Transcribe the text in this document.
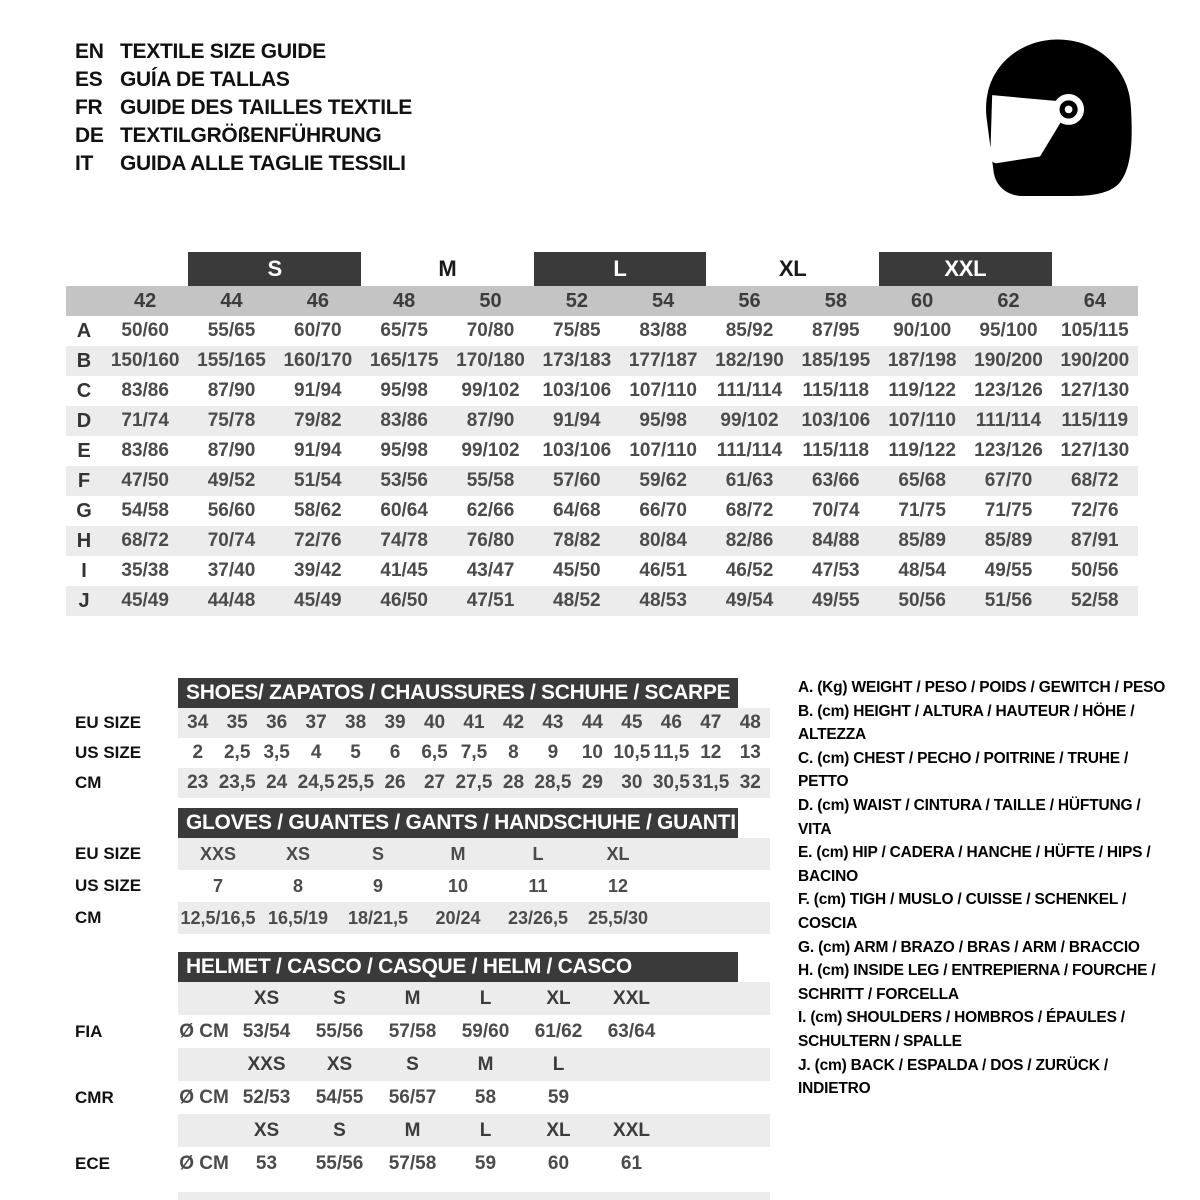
EN TEXTILE SIZE GUIDE
ES GUÍA DE TALLAS
FR GUIDE DES TAILLES TEXTILE
DE TEXTILGRÖßENFÜHRUNG
IT	GUIDA ALLE TAGLIE TESSILI
S	M	L	XL	XXL
42	44	46	48	50	52	54	56	58	60	62	64
A	50/60	55/65	60/70	65/75	70/80	75/85	83/88	85/92	87/95	90/100	95/100	105/115
B	150/160 155/165 160/170 165/175 170/180 173/183 177/187 182/190 185/195 187/198 190/200 190/200
C	83/86	87/90	91/94	95/98	99/102	103/106 107/110	111/114	115/118	119/122 123/126 127/130
D	71/74	75/78	79/82	83/86	87/90	91/94	95/98	99/102	103/106 107/110	111/114	115/119
E	83/86	87/90	91/94	95/98	99/102	103/106 107/110	111/114	115/118	119/122 123/126 127/130
F	47/50	49/52	51/54	53/56	55/58	57/60	59/62	61/63	63/66	65/68	67/70	68/72
G	54/58	56/60	58/62	60/64	62/66	64/68	66/70	68/72	70/74	71/75	71/75	72/76
H	68/72	70/74	72/76	74/78	76/80	78/82	80/84	82/86	84/88	85/89	85/89	87/91
I	35/38	37/40	39/42	41/45	43/47	45/50	46/51	46/52	47/53	48/54	49/55	50/56
J	45/49	44/48	45/49	46/50	47/51	48/52	48/53	49/54	49/55	50/56	51/56	52/58
SHOES/ ZAPATOS / CHAUSSURES / SCHUHE / SCARPE
EU SIZE	34 35 36 37 38 39 40 41 42 43 44 45 46 47 48
US SIZE	2	2,5 3,5	4	5	6	6,5 7,5	8	9	10 10,5 11,5 12 13
CM	23 23,5 24 24,5 25,5 26 27 27,5 28 28,5 29 30 30,5 31,5 32
GLOVES / GUANTES / GANTS / HANDSCHUHE / GUANTI
EU SIZE	XXS	XS	S	M	L	XL
US SIZE	7	8	9	10	11	12
CM	12,5/16,5 16,5/19	18/21,5	20/24	23/26,5	25,5/30
HELMET / CASCO / CASQUE / HELM / CASCO
XS	S	M	L	XL	XXL
FIA	Ø CM 53/54	55/56	57/58	59/60	61/62	63/64
XXS	XS	S	M	L
CMR	Ø CM 52/53	54/55	56/57	58	59
XS	S	M	L	XL	XXL
ECE	Ø CM	53	55/56	57/58	59	60	61
A. (Kg) WEIGHT / PESO / POIDS / GEWITCH / PESO
B. (cm) HEIGHT / ALTURA / HAUTEUR / HÖHE / ALTEZZA
C. (cm) CHEST / PECHO / POITRINE / TRUHE / PETTO
D. (cm) WAIST / CINTURA / TAILLE / HÜFTUNG / VITA
E. (cm) HIP / CADERA / HANCHE / HÜFTE / HIPS / BACINO
F. (cm) TIGH / MUSLO / CUISSE / SCHENKEL / COSCIA
G. (cm) ARM / BRAZO / BRAS / ARM / BRACCIO
H. (cm) INSIDE LEG / ENTREPIERNA / FOURCHE / SCHRITT / FORCELLA
I. (cm) SHOULDERS / HOMBROS / ÉPAULES / SCHULTERN / SPALLE
J. (cm) BACK / ESPALDA / DOS / ZURÜCK / INDIETRO
